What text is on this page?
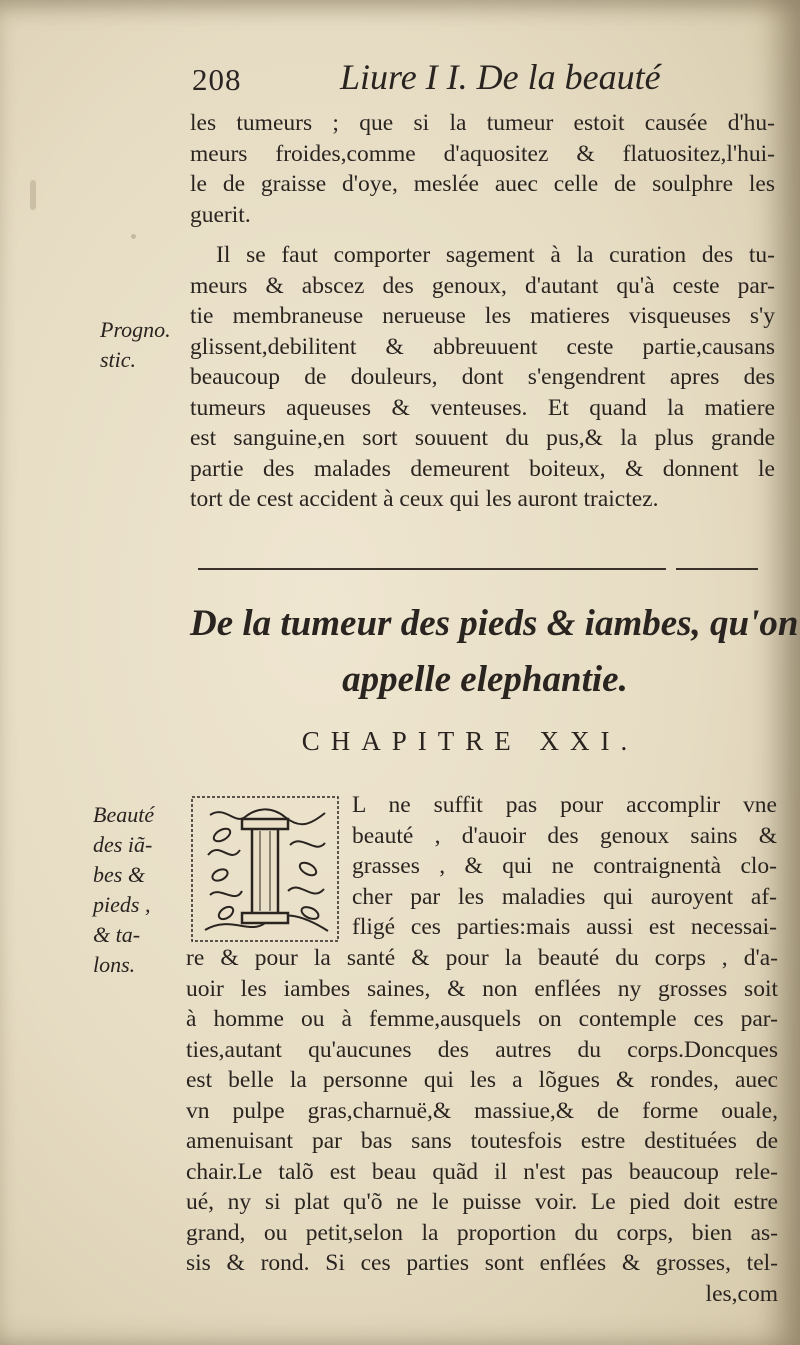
208	Liure I I. De la beauté
les tumeurs ; que si la tumeur estoit causée d'hu-
meurs froides,comme d'aquositez & flatuositez,l'hui-
le de graisse d'oye, meslée auec celle de soulphre les
guerit.
Il se faut comporter sagement à la curation des tu-
meurs & abscez des genoux, d'autant qu'à ceste par-
tie membraneuse nerueuse les matieres visqueuses s'y
glissent,debilitent & abbreuuent ceste partie,causans
beaucoup de douleurs, dont s'engendrent apres des
tumeurs aqueuses & venteuses. Et quand la matiere
est sanguine,en sort souuent du pus,& la plus grande
partie des malades demeurent boiteux, & donnent le
tort de cest accident à ceux qui les auront traictez.
Progno.
stic.
De la tumeur des pieds & iambes, qu'on
appelle elephantie.
CHAPITRE XXI.
Beauté
des iã-
bes &
pieds ,
& ta-
lons.
L ne suffit pas pour accomplir vne
beauté , d'auoir des genoux sains &
grasses , & qui ne contraignentà clo-
cher par les maladies qui auroyent af-
fligé ces parties:mais aussi est necessai-
re & pour la santé & pour la beauté du corps , d'a-
uoir les iambes saines, & non enflées ny grosses soit
à homme ou à femme,ausquels on contemple ces par-
ties,autant qu'aucunes des autres du corps.Doncques
est belle la personne qui les a lõgues & rondes, auec
vn pulpe gras,charnuë,& massiue,& de forme ouale,
amenuisant par bas sans toutesfois estre destituées de
chair.Le talõ est beau quãd il n'est pas beaucoup rele-
ué, ny si plat qu'õ ne le puisse voir. Le pied doit estre
grand, ou petit,selon la proportion du corps, bien as-
sis & rond. Si ces parties sont enflées & grosses, tel-
les,com
